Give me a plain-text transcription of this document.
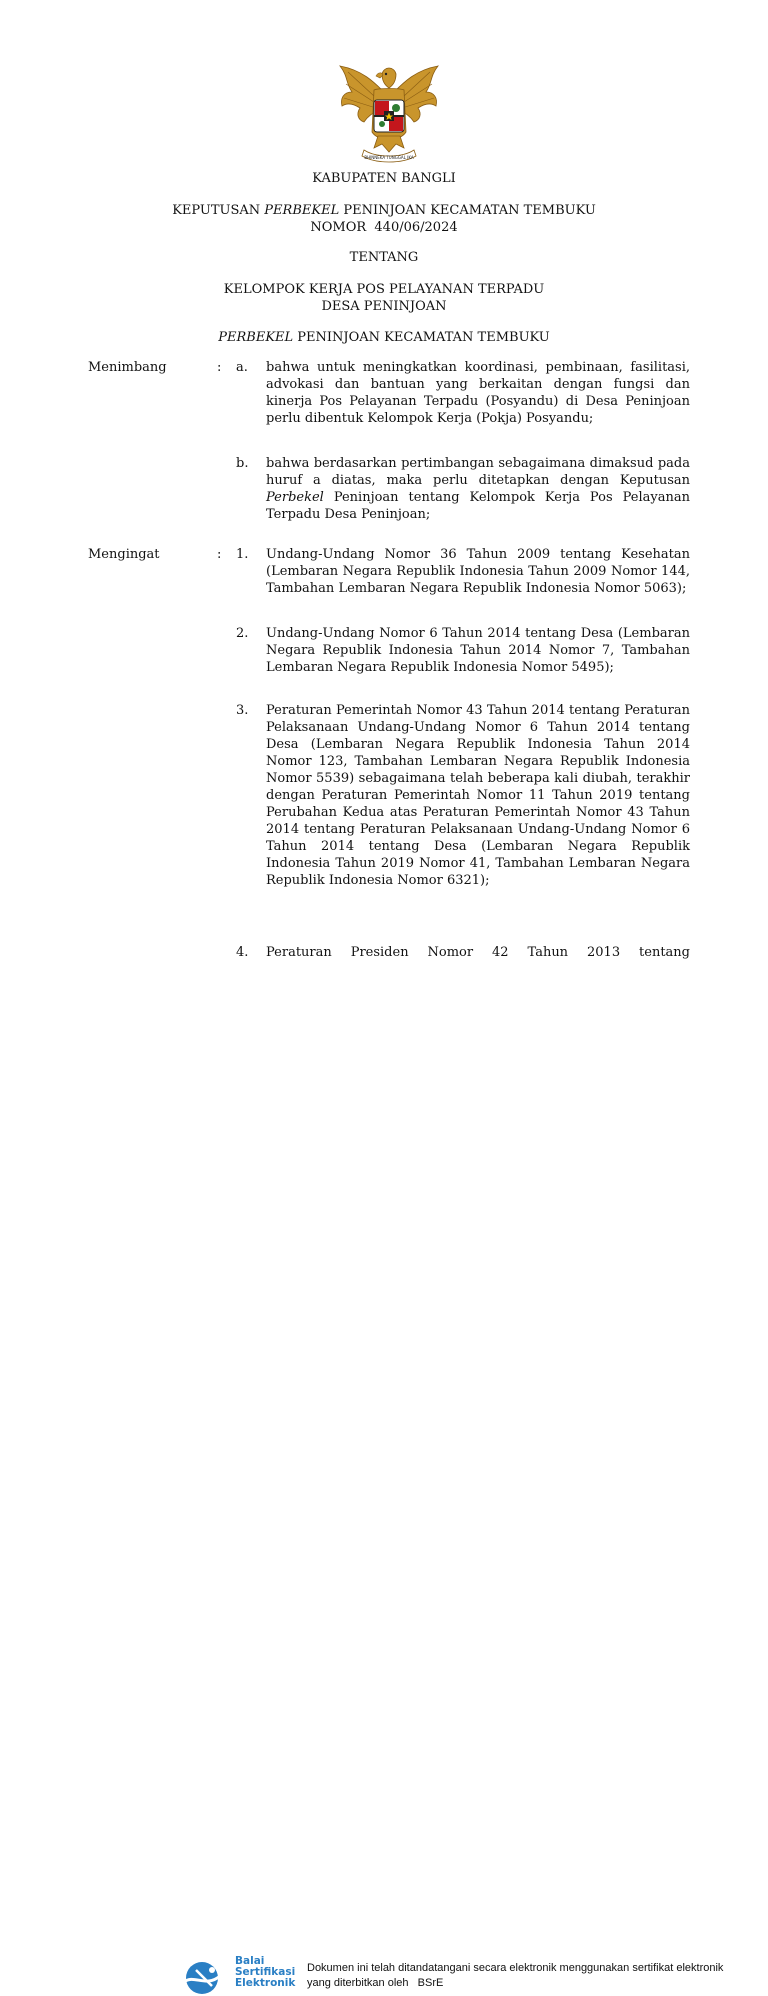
BHINNEKA TUNGGAL IKA
KABUPATEN BANGLI
KEPUTUSAN PERBEKEL PENINJOAN KECAMATAN TEMBUKU
NOMOR  440/06/2024
TENTANG
KELOMPOK KERJA POS PELAYANAN TERPADU
DESA PENINJOAN
PERBEKEL PENINJOAN KECAMATAN TEMBUKU
Menimbang	: a. bahwa untuk meningkatkan koordinasi, pembinaan, fasilitasi, advokasi dan bantuan yang berkaitan dengan fungsi dan kinerja Pos Pelayanan Terpadu (Posyandu) di Desa Peninjoan perlu dibentuk Kelompok Kerja (Pokja) Posyandu;
b. bahwa berdasarkan pertimbangan sebagaimana dimaksud pada huruf a diatas, maka perlu ditetapkan dengan Keputusan Perbekel Peninjoan tentang Kelompok Kerja Pos Pelayanan Terpadu Desa Peninjoan;
Mengingat	: 1. Undang-Undang Nomor 36 Tahun 2009 tentang Kesehatan (Lembaran Negara Republik Indonesia Tahun 2009 Nomor 144, Tambahan Lembaran Negara Republik Indonesia Nomor 5063);
2. Undang-Undang Nomor 6 Tahun 2014 tentang Desa (Lembaran Negara Republik Indonesia Tahun 2014 Nomor 7, Tambahan Lembaran Negara Republik Indonesia Nomor 5495);
3. Peraturan Pemerintah Nomor 43 Tahun 2014 tentang Peraturan Pelaksanaan Undang-Undang Nomor 6 Tahun 2014 tentang Desa (Lembaran Negara Republik Indonesia Tahun 2014 Nomor 123, Tambahan Lembaran Negara Republik Indonesia Nomor 5539) sebagaimana telah beberapa kali diubah, terakhir dengan Peraturan Pemerintah Nomor 11 Tahun 2019 tentang Perubahan Kedua atas Peraturan Pemerintah Nomor 43 Tahun 2014 tentang Peraturan Pelaksanaan Undang-Undang Nomor 6 Tahun 2014 tentang Desa (Lembaran Negara Republik Indonesia Tahun 2019 Nomor 41, Tambahan Lembaran Negara Republik Indonesia Nomor 6321);
4. Peraturan Presiden Nomor 42 Tahun 2013 tentang
Balai
Sertifikasi
Elektronik
Dokumen ini telah ditandatangani secara elektronik menggunakan sertifikat elektronik
yang diterbitkan oleh   BSrE
